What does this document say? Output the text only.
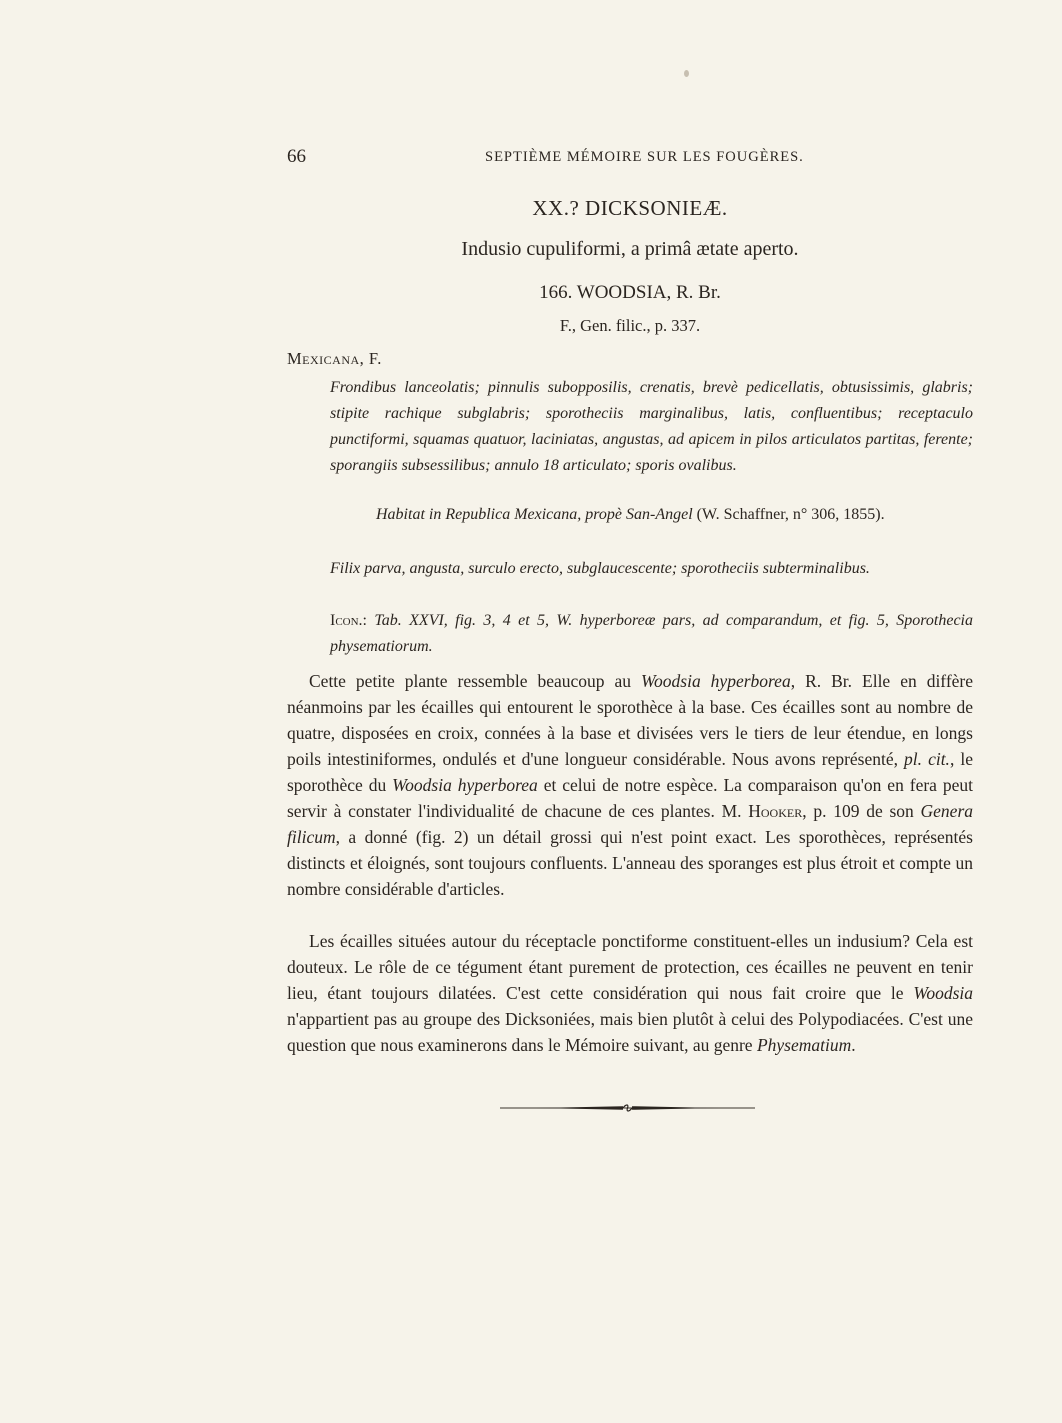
66	SEPTIÈME MÉMOIRE SUR LES FOUGÈRES.
XX.? DICKSONIEÆ.
Indusio cupuliformi, a primâ ætate aperto.
166. WOODSIA, R. Br.
F., Gen. filic., p. 337.
Mexicana, F.
Frondibus lanceolatis; pinnulis subopposilis, crenatis, brevè pedicellatis, obtusissimis, glabris; stipite rachique subglabris; sporotheciis marginalibus, latis, confluentibus; receptaculo punctiformi, squamas quatuor, laciniatas, angustas, ad apicem in pilos articulatos partitas, ferente; sporangiis subsessilibus; annulo 18 articulato; sporis ovalibus.
Habitat in Republica Mexicana, propè San-Angel (W. Schaffner, n° 306, 1855).
Filix parva, angusta, surculo erecto, subglaucescente; sporotheciis subterminalibus.
Icon.: Tab. XXVI, fig. 3, 4 et 5, W. hyperboreæ pars, ad comparandum, et fig. 5, Sporothecia physematiorum.

Cette petite plante ressemble beaucoup au Woodsia hyperborea, R. Br. Elle en diffère néanmoins par les écailles qui entourent le sporothèce à la base. Ces écailles sont au nombre de quatre, disposées en croix, connées à la base et divisées vers le tiers de leur étendue, en longs poils intestiniformes, ondulés et d'une longueur considérable. Nous avons représenté, pl. cit., le sporothèce du Woodsia hyperborea et celui de notre espèce. La comparaison qu'on en fera peut servir à constater l'individualité de chacune de ces plantes. M. Hooker, p. 109 de son Genera filicum, a donné (fig. 2) un détail grossi qui n'est point exact. Les sporothèces, représentés distincts et éloignés, sont toujours confluents. L'anneau des sporanges est plus étroit et compte un nombre considérable d'articles.

Les écailles situées autour du réceptacle ponctiforme constituent-elles un indusium? Cela est douteux. Le rôle de ce tégument étant purement de protection, ces écailles ne peuvent en tenir lieu, étant toujours dilatées. C'est cette considération qui nous fait croire que le Woodsia n'appartient pas au groupe des Dicksoniées, mais bien plutôt à celui des Polypodiacées. C'est une question que nous examinerons dans le Mémoire suivant, au genre Physematium.
